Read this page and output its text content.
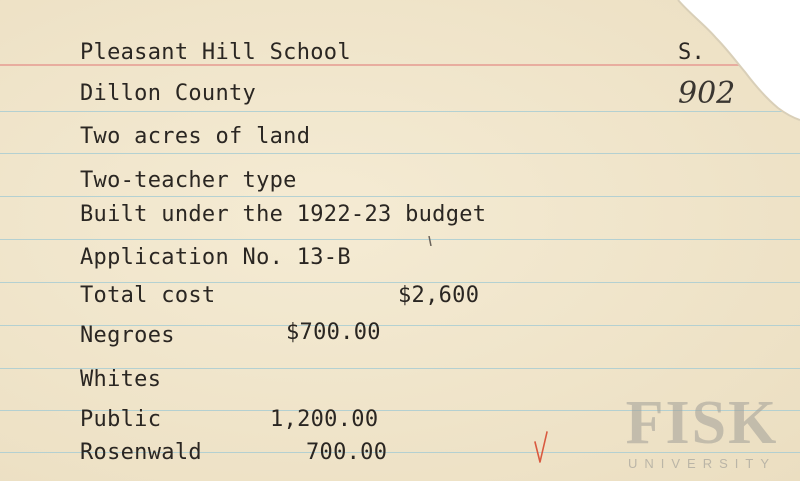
Pleasant Hill School

Dillon County

Two acres of land

Two-teacher type

Built under the 1922-23 budget

Application No. 13-B

Total cost	$2,600

Negroes	$700.00

Whites

Public	1,200.00

Rosenwald	700.00

S.

902

FISK
UNIVERSITY
